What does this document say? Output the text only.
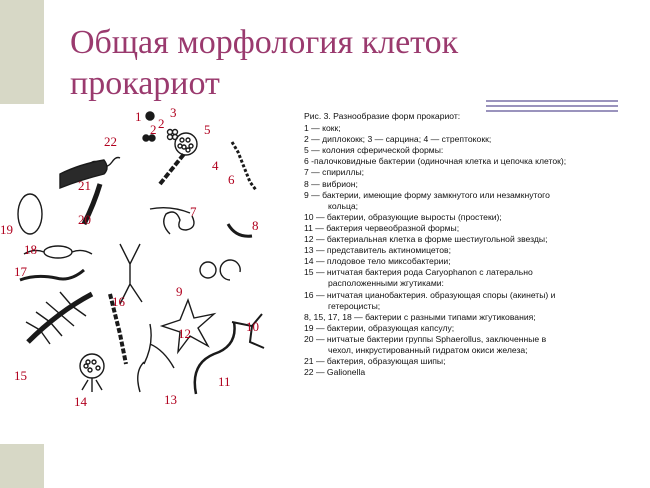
Общая морфология клеток
прокариот
1
2
3
4
5
6
7
8
9
10
11
12
13
14
15
16
17
18
19
20
21
22
2	Рис. 3. Разнообразие форм прокариот:

1 — кокк;

2 — диплококк; 3 — сарцина; 4 — стрептококк;

5 — колония сферической формы:

6 -палочковидные бактерии (одиночная клетка и цепочка клеток);

7 — спириллы;

8 — вибрион;

9 — бактерии, имеющие форму замкнутого или незамкнутого

кольца;

10 — бактерии, образующие выросты (простеки);

11 — бактерия червеобразной формы;

12 — бактериальная клетка в форме шестиугольной звезды;

13 — представитель актиномицетов;

14 — плодовое тело миксобактерии;

15 — нитчатая бактерия рода Caryophanon с латерально

расположенными жгутиками:

16 — нитчатая цианобактерия. образующая споры (акинеты) и

гетероцисты;

8, 15, 17, 18 — бактерии с разными типами жгутикования;

19 — бактерии, образующая капсулу;

20 — нитчатые бактерии группы Sphaerollus, заключенные в

чехол, инкрустированный гидратом окиси железа;

21 — бактерия, образующая шипы;

22 — Galionella
